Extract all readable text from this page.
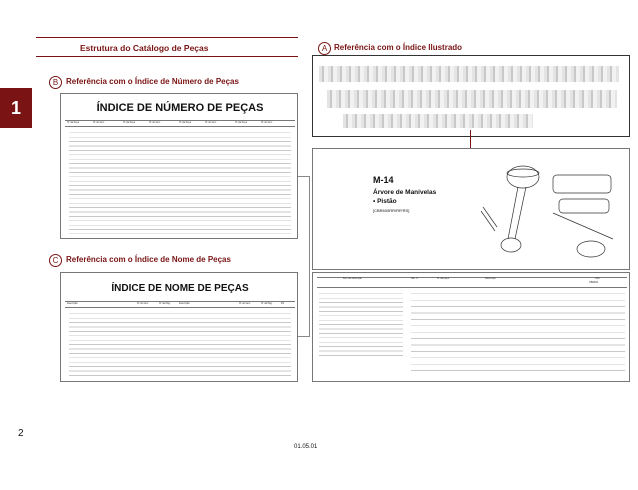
Estrutura do Catálogo de Peças
1
A Referência com o Índice Ilustrado
B Referência com o Índice de Número de Peças
ÍNDICE DE NÚMERO DE PEÇAS
Nº da Peça	Nº do Item	Nº da Peça	Nº do Item	Nº da Peça	Nº do Item	Nº da Peça	Nº do Item
C Referência com o Índice de Nome de Peças
ÍNDICE DE NOME DE PEÇAS
Descrição	Nº do Item	Nº da Pág.	Descrição	Nº do Item	Nº da Pág.	Pá
M-14
Árvore de Manivelas
• Pistão
[CBR600RR/RR'RS]
Item de descrição	Ref. nº	Nº da peça	Descrição	Cód.
CBR600
2
01.05.01
